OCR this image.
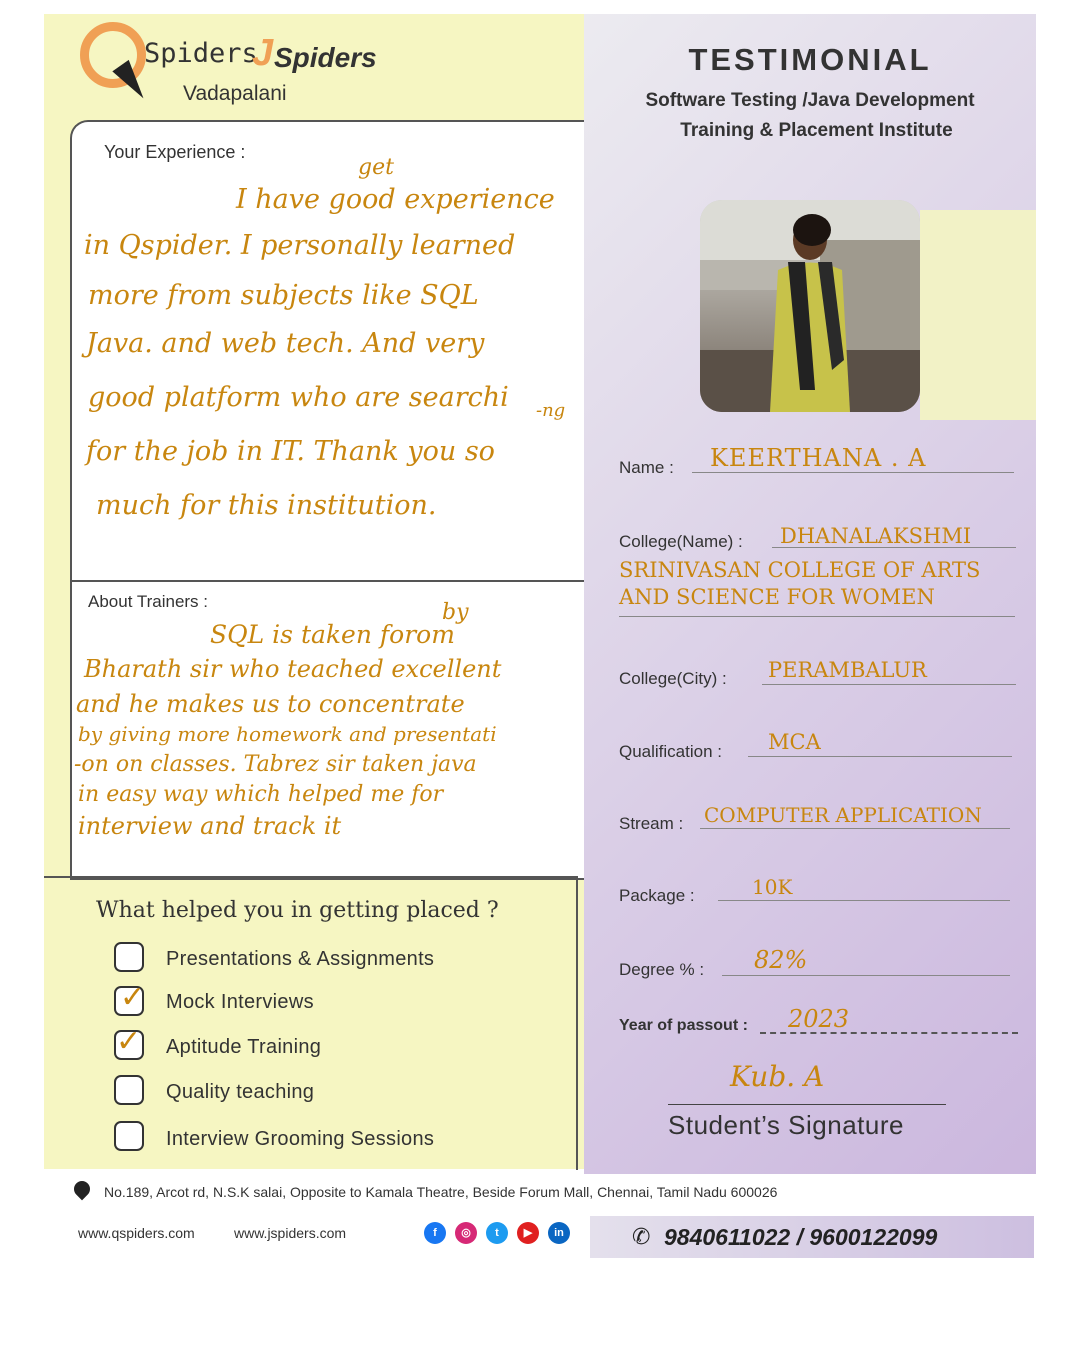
Spiders
J Spiders
Vadapalani
TESTIMONIAL
Software Testing /Java Development
Training & Placement Institute
Your Experience :
get
I have good experience
in Qspider. I personally learned
more from subjects like SQL
Java. and web tech. And very
good platform who are searchi -ng
for the job in IT. Thank you so
much for this institution.
About Trainers :	by
SQL is taken forom
Bharath sir who teached excellent
and he makes us to concentrate
by giving more homework and presentati
-on on classes. Tabrez sir taken java
in easy way which helped me for
interview and track it
What helped you in getting placed ?
Presentations & Assignments
✓ Mock Interviews
✓ Aptitude Training
Quality teaching
Interview Grooming Sessions
Name : KEERTHANA . A
College(Name) : DHANALAKSHMI
SRINIVASAN COLLEGE OF ARTS
AND SCIENCE FOR WOMEN
College(City) : PERAMBALUR
Qualification : MCA
Stream : COMPUTER APPLICATION
Package :	10K
Degree % : 82%
Year of passout : 2023
Kub. A
Student’s Signature
No.189, Arcot rd, N.S.K salai, Opposite to Kamala Theatre, Beside Forum Mall, Chennai, Tamil Nadu 600026
www.qspiders.com	www.jspiders.com	f	◎	t	▶	in	✆ 9840611022 / 9600122099
